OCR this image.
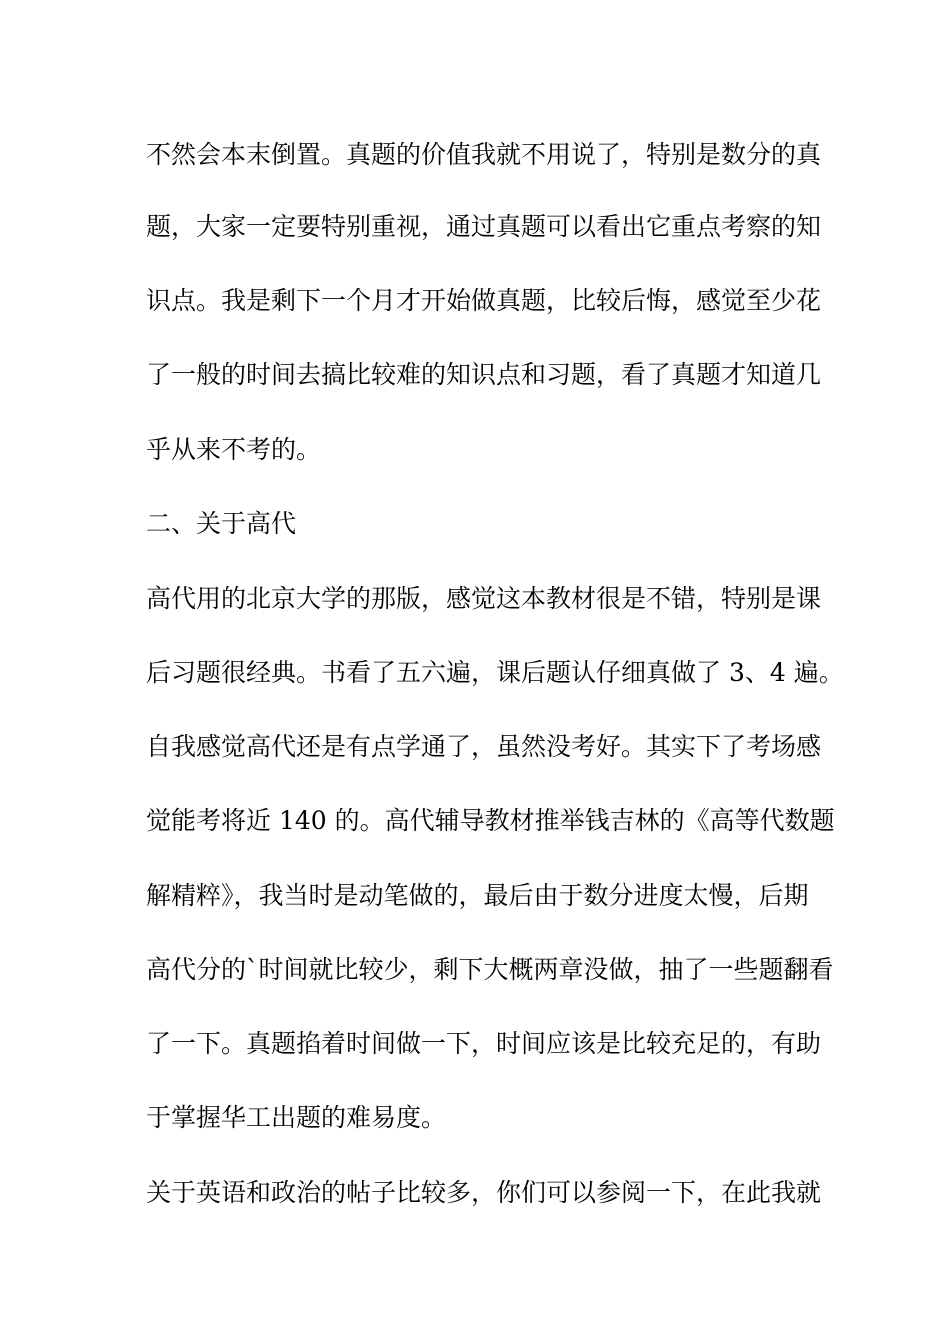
不然会本末倒置。真题的价值我就不用说了，特别是数分的真
题，大家一定要特别重视，通过真题可以看出它重点考察的知
识点。我是剩下一个月才开始做真题，比较后悔，感觉至少花
了一般的时间去搞比较难的知识点和习题，看了真题才知道几
乎从来不考的。
二、关于高代
高代用的北京大学的那版，感觉这本教材很是不错，特别是课
后习题很经典。书看了五六遍，课后题认仔细真做了 3、4 遍。
自我感觉高代还是有点学通了，虽然没考好。其实下了考场感
觉能考将近 140 的。高代辅导教材推举钱吉林的《高等代数题
解精粹》，我当时是动笔做的，最后由于数分进度太慢，后期
高代分的`时间就比较少，剩下大概两章没做，抽了一些题翻看
了一下。真题掐着时间做一下，时间应该是比较充足的，有助
于掌握华工出题的难易度。
关于英语和政治的帖子比较多，你们可以参阅一下，在此我就
